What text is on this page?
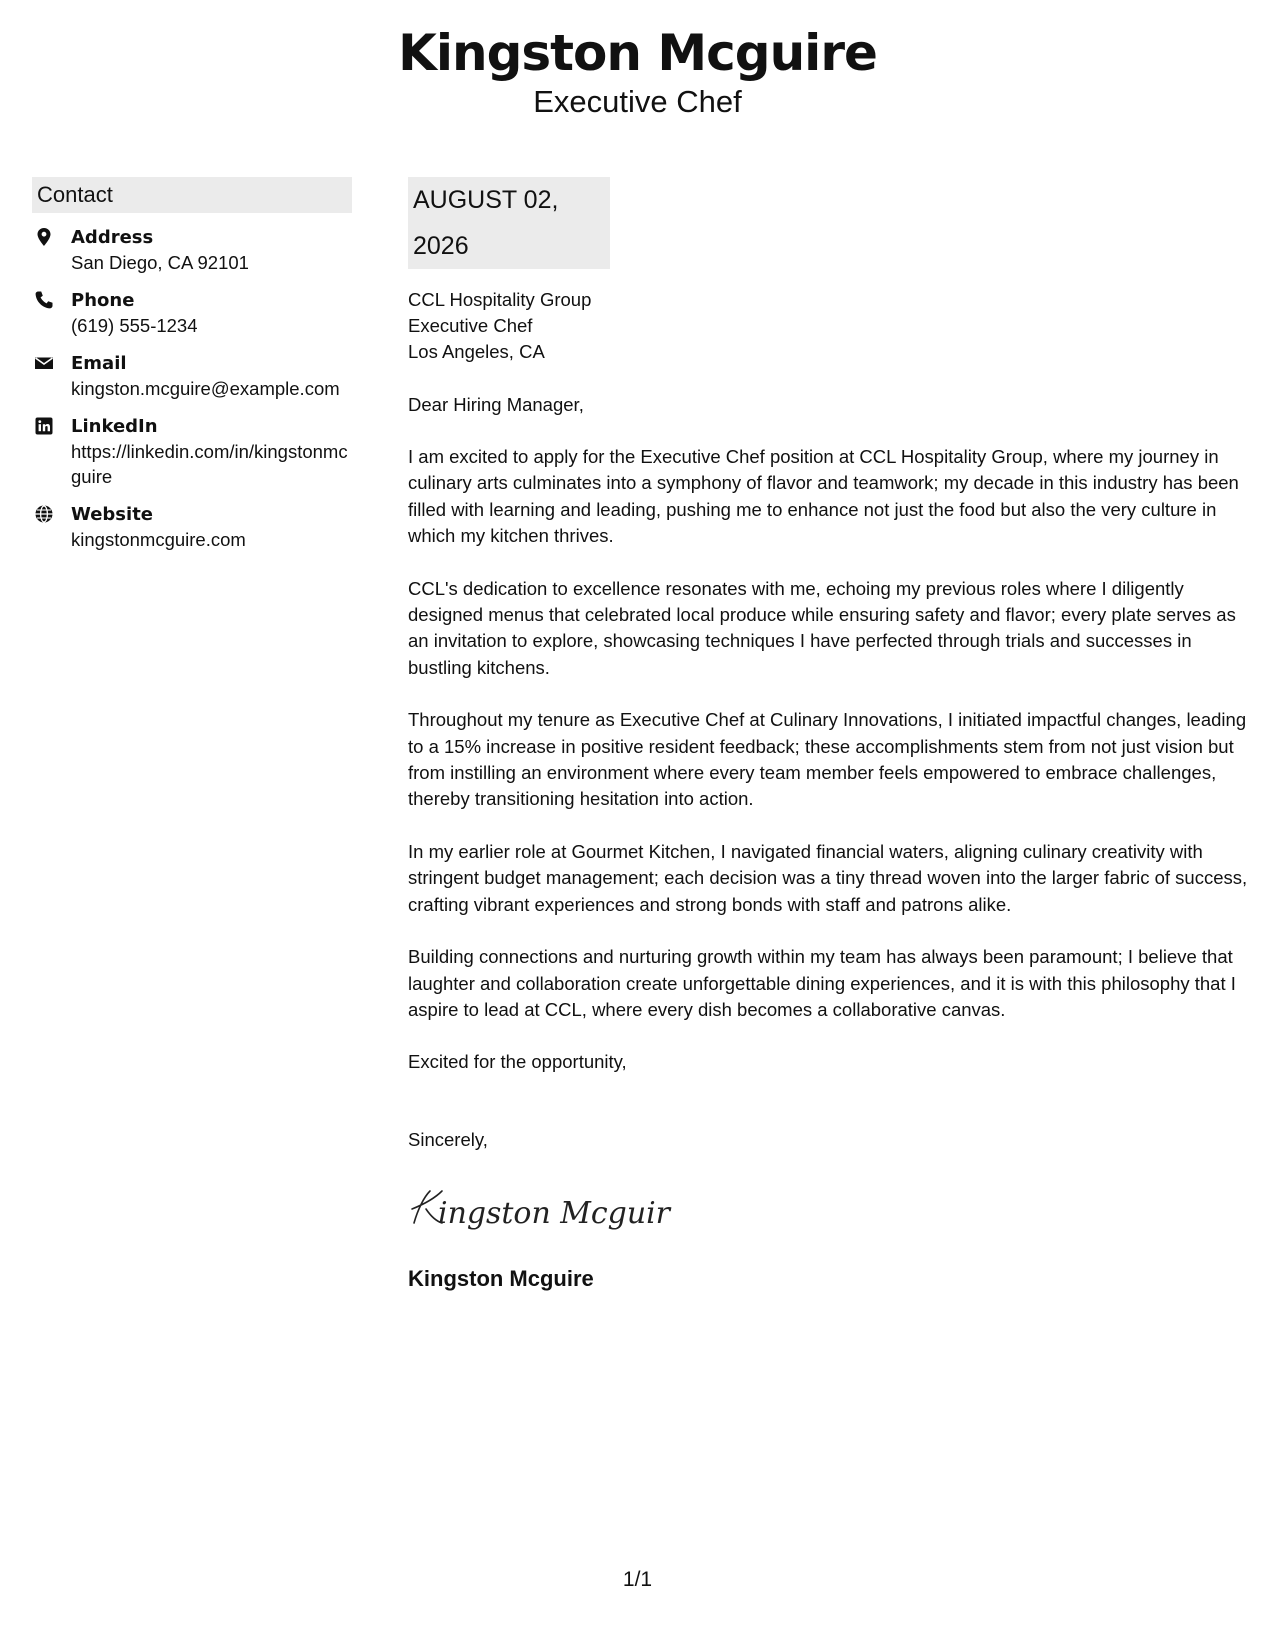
Kingston Mcguire
Executive Chef
Contact
Address
San Diego, CA 92101
Phone
(619) 555-1234
Email
kingston.mcguire@example.com
LinkedIn
https://linkedin.com/in/kingstonmcguire
Website
kingstonmcguire.com
AUGUST 02, 2026
CCL Hospitality Group
Executive Chef
Los Angeles, CA
Dear Hiring Manager,

I am excited to apply for the Executive Chef position at CCL Hospitality Group, where my journey in culinary arts culminates into a symphony of flavor and teamwork; my decade in this industry has been filled with learning and leading, pushing me to enhance not just the food but also the very culture in which my kitchen thrives.

CCL's dedication to excellence resonates with me, echoing my previous roles where I diligently designed menus that celebrated local produce while ensuring safety and flavor; every plate serves as an invitation to explore, showcasing techniques I have perfected through trials and successes in bustling kitchens.

Throughout my tenure as Executive Chef at Culinary Innovations, I initiated impactful changes, leading to a 15% increase in positive resident feedback; these accomplishments stem from not just vision but from instilling an environment where every team member feels empowered to embrace challenges, thereby transitioning hesitation into action.

In my earlier role at Gourmet Kitchen, I navigated financial waters, aligning culinary creativity with stringent budget management; each decision was a tiny thread woven into the larger fabric of success, crafting vibrant experiences and strong bonds with staff and patrons alike.

Building connections and nurturing growth within my team has always been paramount; I believe that laughter and collaboration create unforgettable dining experiences, and it is with this philosophy that I aspire to lead at CCL, where every dish becomes a collaborative canvas.

Excited for the opportunity,
Sincerely,
ingston Mcguir
Kingston Mcguire
1/1
